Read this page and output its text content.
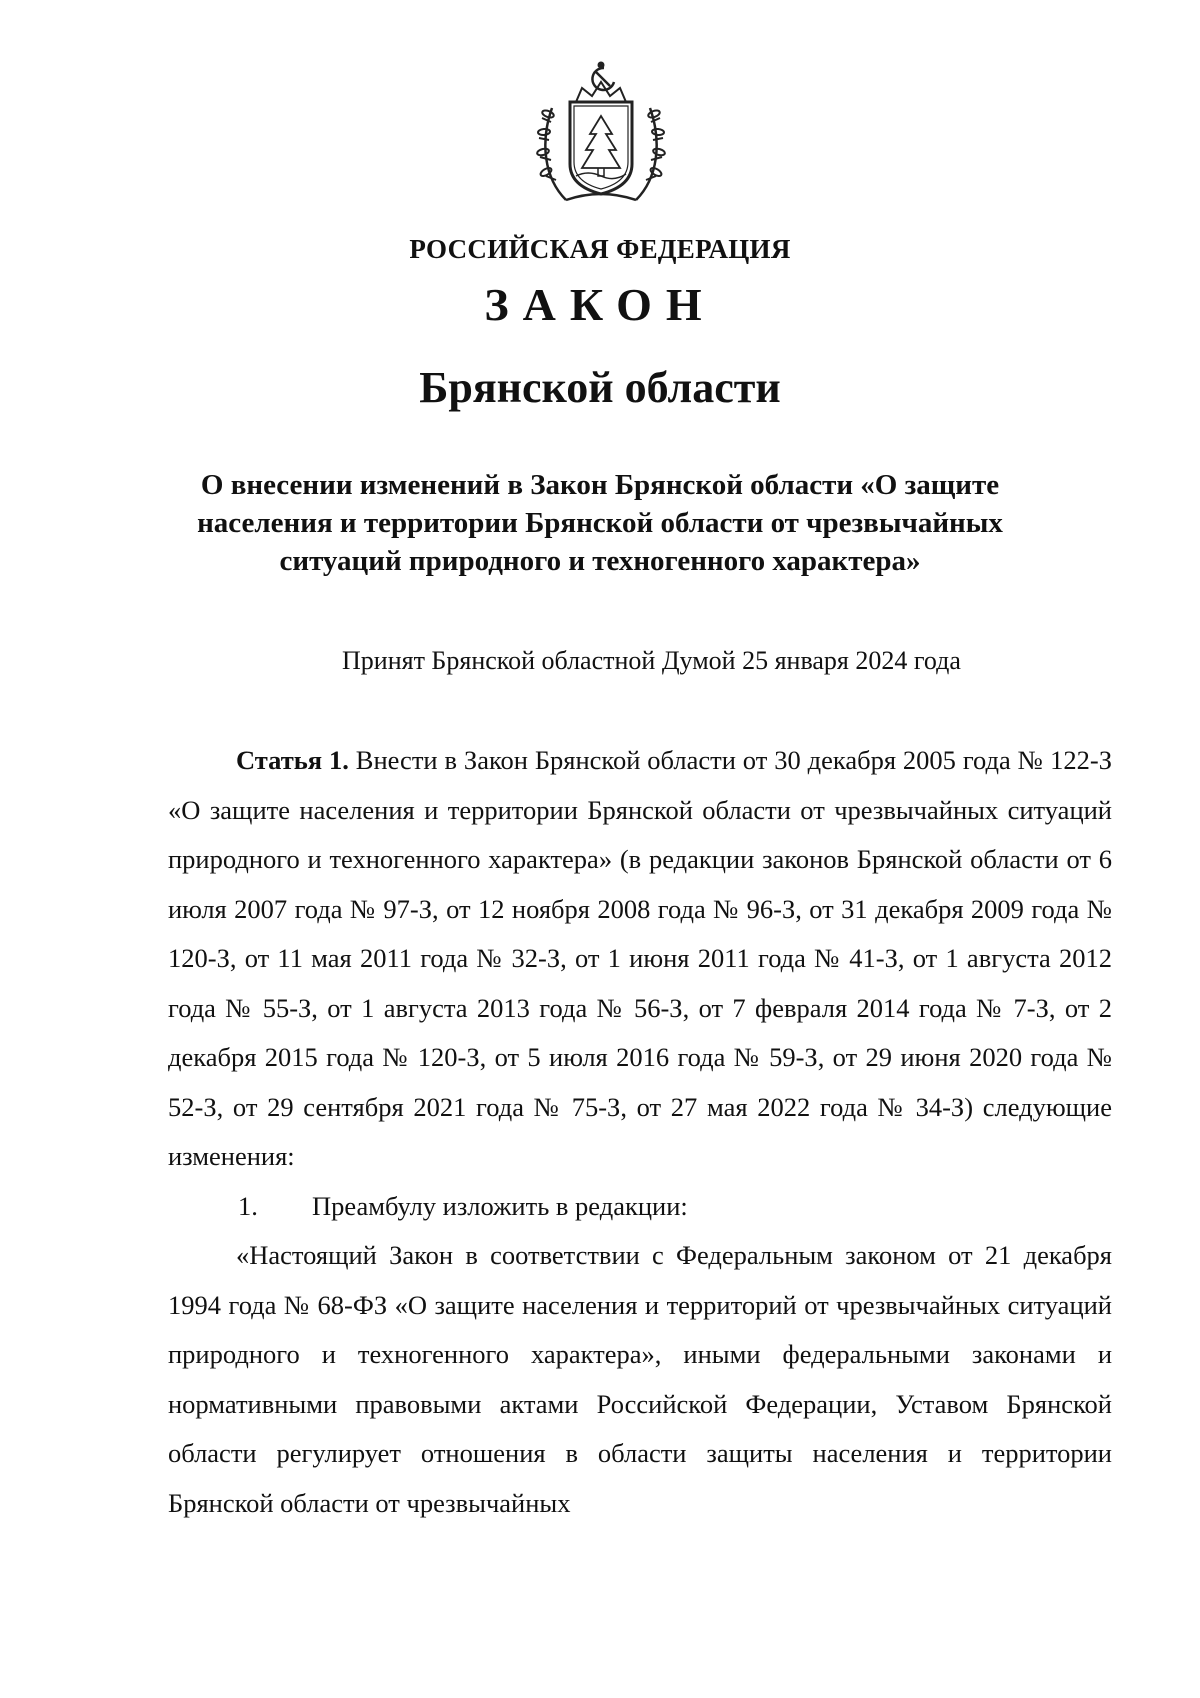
РОССИЙСКАЯ ФЕДЕРАЦИЯ
ЗАКОН
Брянской области
О внесении изменений в Закон Брянской области «О защите населения и территории Брянской области от чрезвычайных ситуаций природного и техногенного характера»
Принят Брянской областной Думой 25 января 2024 года

Статья 1. Внести в Закон Брянской области от 30 декабря 2005 года № 122-З «О защите населения и территории Брянской области от чрезвычайных ситуаций природного и техногенного характера» (в редакции законов Брянской области от 6 июля 2007 года № 97-З, от 12 ноября 2008 года № 96-З, от 31 декабря 2009 года № 120-З, от 11 мая 2011 года № 32-З, от 1 июня 2011 года № 41-З, от 1 августа 2012 года № 55-З, от 1 августа 2013 года № 56-З, от 7 февраля 2014 года № 7-З, от 2 декабря 2015 года № 120-З, от 5 июля 2016 года № 59-З, от 29 июня 2020 года № 52-З, от 29 сентября 2021 года № 75-З, от 27 мая 2022 года № 34-З) следующие изменения:

1. Преамбулу изложить в редакции:

«Настоящий Закон в соответствии с Федеральным законом от 21 декабря 1994 года № 68-ФЗ «О защите населения и территорий от чрезвычайных ситуаций природного и техногенного характера», иными федеральными законами и нормативными правовыми актами Российской Федерации, Уставом Брянской области регулирует отношения в области защиты населения и территории Брянской области от чрезвычайных
